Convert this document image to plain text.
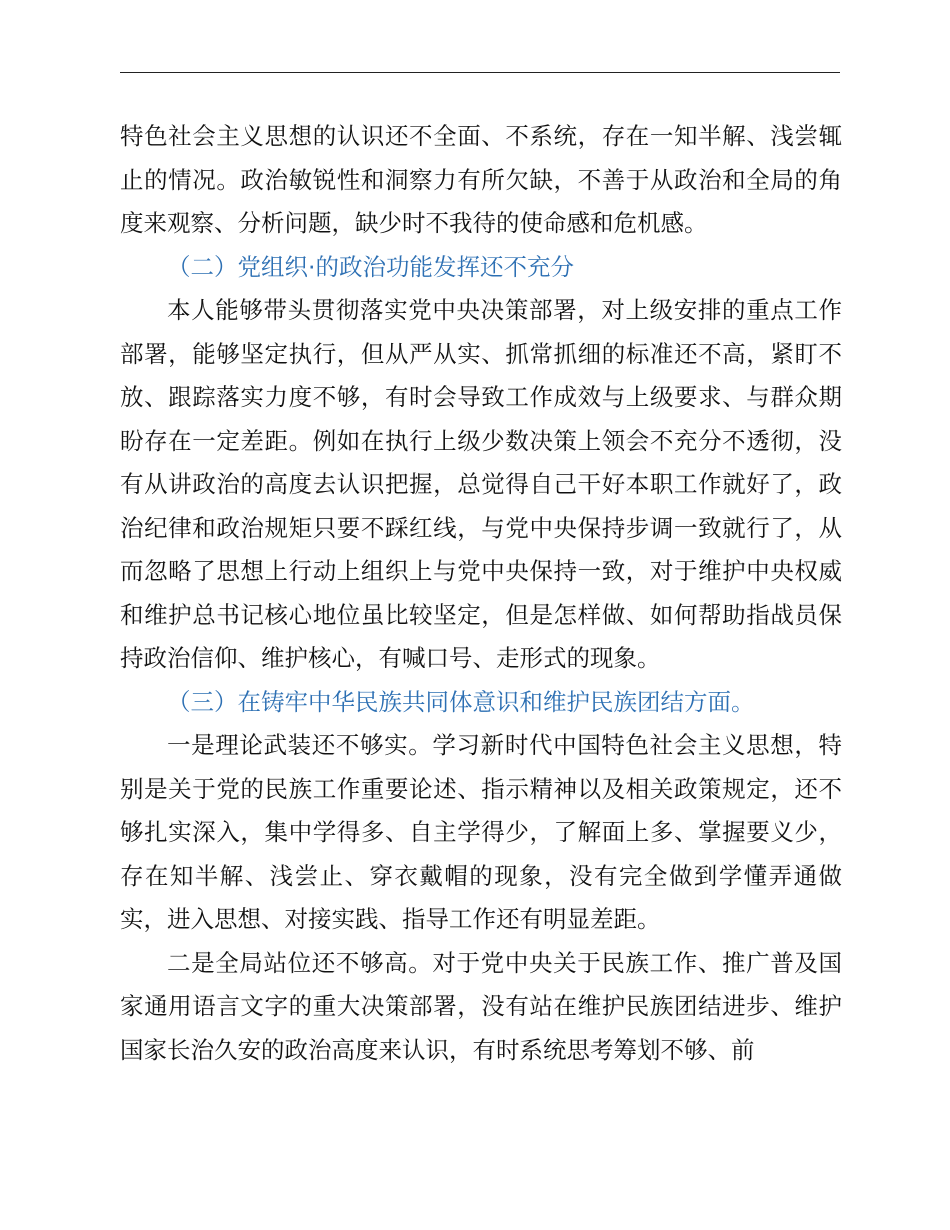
特色社会主义思想的认识还不全面、不系统，存在一知半解、浅尝辄止的情况。政治敏锐性和洞察力有所欠缺，不善于从政治和全局的角度来观察、分析问题，缺少时不我待的使命感和危机感。

（二）党组织·的政治功能发挥还不充分

本人能够带头贯彻落实党中央决策部署，对上级安排的重点工作部署，能够坚定执行，但从严从实、抓常抓细的标准还不高，紧盯不放、跟踪落实力度不够，有时会导致工作成效与上级要求、与群众期盼存在一定差距。例如在执行上级少数决策上领会不充分不透彻，没有从讲政治的高度去认识把握，总觉得自己干好本职工作就好了，政治纪律和政治规矩只要不踩红线，与党中央保持步调一致就行了，从而忽略了思想上行动上组织上与党中央保持一致，对于维护中央权威和维护总书记核心地位虽比较坚定，但是怎样做、如何帮助指战员保持政治信仰、维护核心，有喊口号、走形式的现象。

（三）在铸牢中华民族共同体意识和维护民族团结方面。

一是理论武装还不够实。学习新时代中国特色社会主义思想，特别是关于党的民族工作重要论述、指示精神以及相关政策规定，还不够扎实深入，集中学得多、自主学得少，了解面上多、掌握要义少，存在知半解、浅尝止、穿衣戴帽的现象，没有完全做到学懂弄通做实，进入思想、对接实践、指导工作还有明显差距。

二是全局站位还不够高。对于党中央关于民族工作、推广普及国家通用语言文字的重大决策部署，没有站在维护民族团结进步、维护国家长治久安的政治高度来认识，有时系统思考筹划不够、前
